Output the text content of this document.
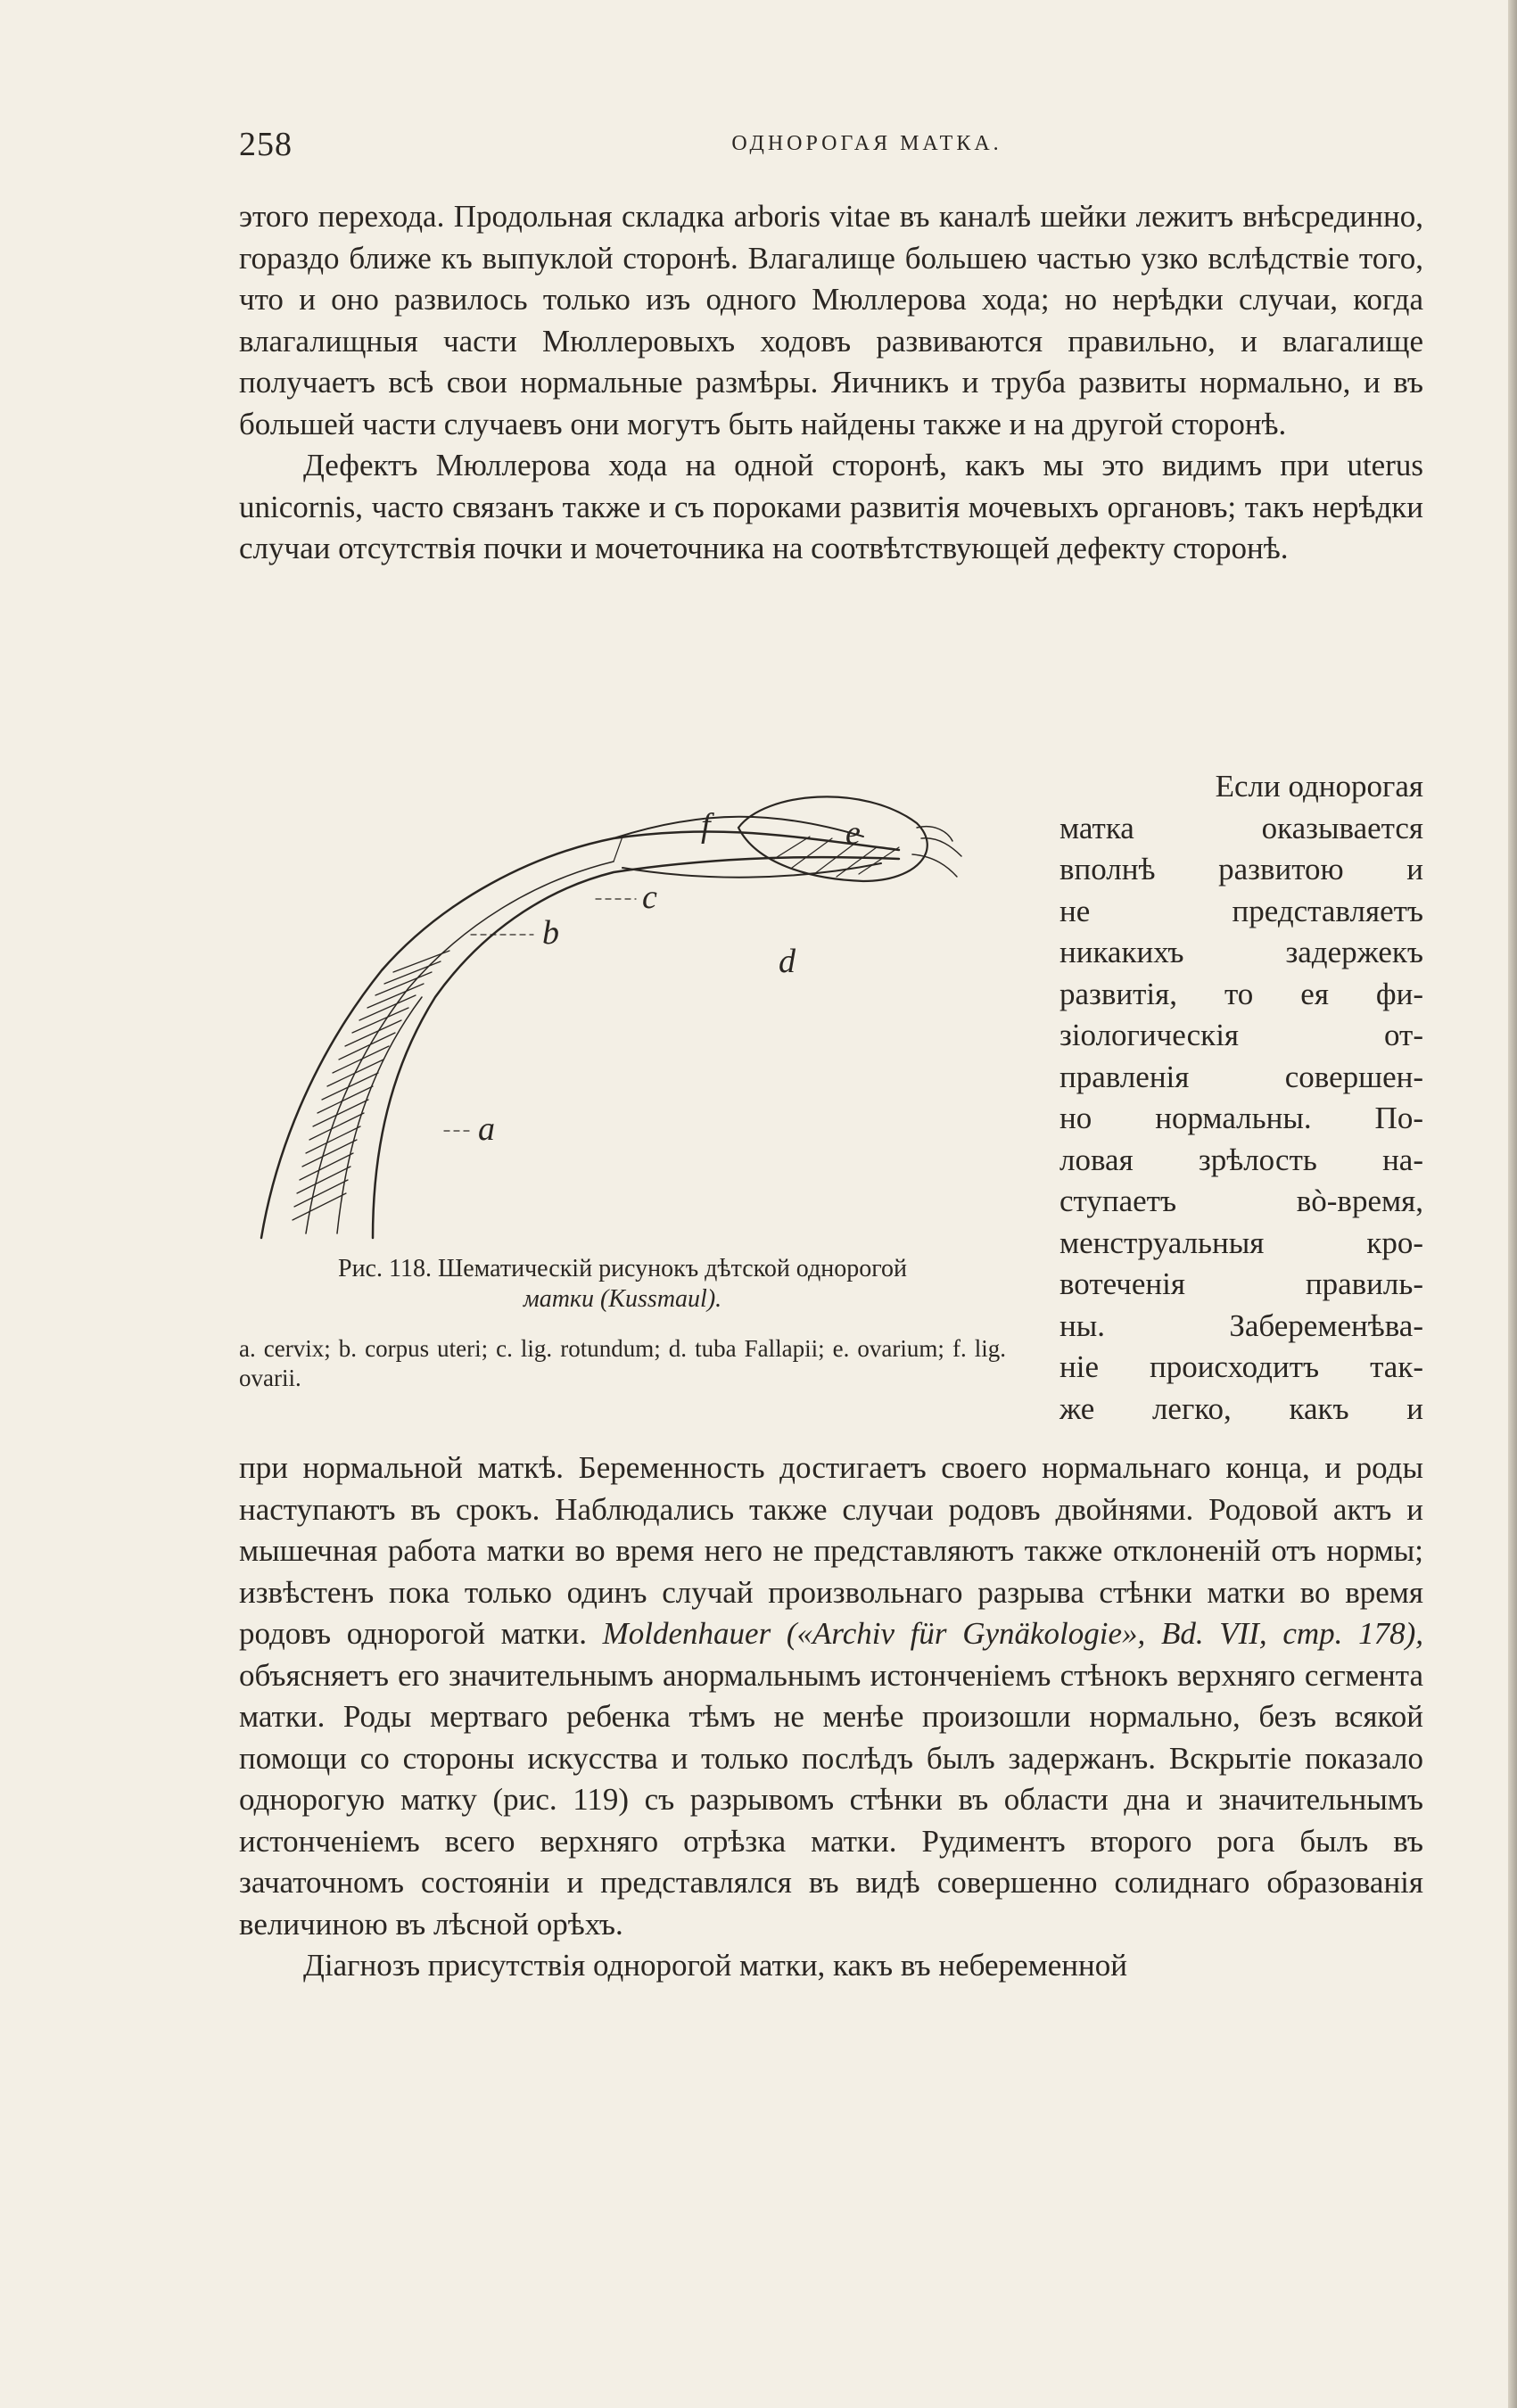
258	ОДНОРОГАЯ МАТКА.

этого перехода. Продольная складка arbоris vitae въ каналѣ шейки лежитъ внѣсрединно, гораздо ближе къ выпуклой сторонѣ. Влагалище большею частью узко вслѣдствіе того, что и оно развилось только изъ одного Мюллерова хода; но нерѣдки случаи, когда влагалищныя части Мюллеровыхъ ходовъ развиваются правильно, и влагалище получаетъ всѣ свои нормальные размѣры. Яичникъ и труба развиты нормально, и въ большей части случаевъ они могутъ быть найдены также и на другой сторонѣ.

Дефектъ Мюллерова хода на одной сторонѣ, какъ мы это видимъ при uterus unicornis, часто связанъ также и съ пороками развитія мочевыхъ органовъ; такъ нерѣдки случаи отсутствія почки и мочеточника на соотвѣтствующей дефекту сторонѣ.

f	e
c
b
d
a
Рис. 118. Шематическій рисунокъ дѣтской однорогой
матки (Kussmaul).
a. cervix; b. corpus uteri; c. lig. rotundum; d. tuba Fallapii; e. ovarium; f. lig. ovarii.

Если однорогая
матка оказывается
вполнѣ развитою и
не представляетъ
никакихъ задержекъ
развитія, то ея фи-
зіологическія от-
правленія совершен-
но нормальны. По-
ловая зрѣлость на-
ступаетъ вò-время,
менструальныя кро-
вотеченія правиль-
ны. Забеременѣва-
ніе происходитъ так-
же легко, какъ и

при нормальной маткѣ. Беременность достигаетъ своего нормальнаго конца, и роды наступаютъ въ срокъ. Наблюдались также случаи родовъ двойнями. Родовой актъ и мышечная работа матки во время него не представляютъ также отклоненій отъ нормы; извѣстенъ пока только одинъ случай произвольнаго разрыва стѣнки матки во время родовъ однорогой матки. Moldenhauer («Archiv für Gynäkologie», Bd. VII, стр. 178), объясняетъ его значительнымъ анормальнымъ истонченіемъ стѣнокъ верхняго сегмента матки. Роды мертваго ребенка тѣмъ не менѣе произошли нормально, безъ всякой помощи со стороны искусства и только послѣдъ былъ задержанъ. Вскрытіе показало однорогую матку (рис. 119) съ разрывомъ стѣнки въ области дна и значительнымъ истонченіемъ всего верхняго отрѣзка матки. Рудиментъ второго рога былъ въ зачаточномъ состояніи и представлялся въ видѣ совершенно солиднаго образованія величиною въ лѣсной орѣхъ.

Діагнозъ присутствія однорогой матки, какъ въ небеременной
